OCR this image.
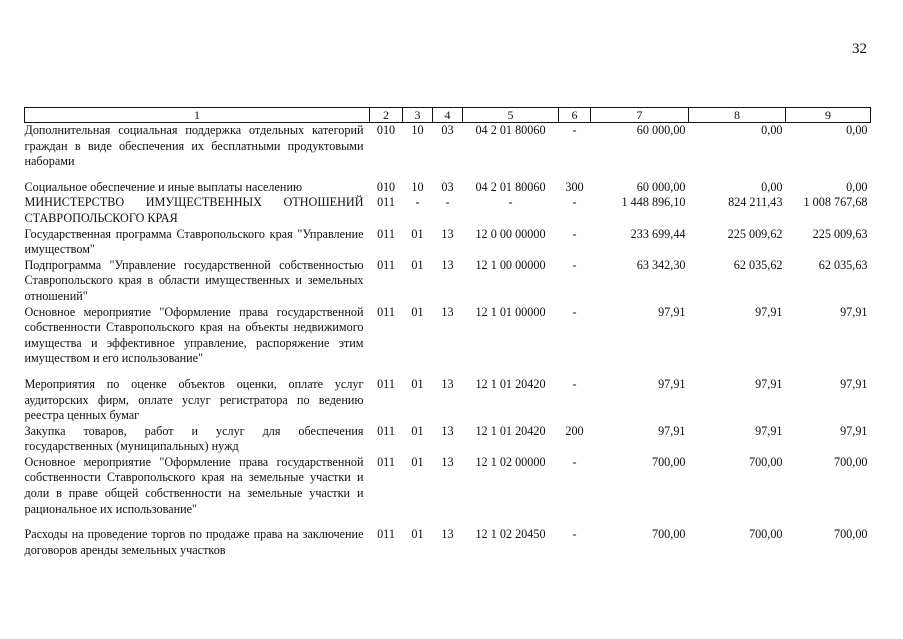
32
1	2	3	4	5	6	7	8	9
Дополнительная социальная поддержка отдельных категорий граждан в виде обеспечения их бесплатными продуктовыми наборами	010	10	03	04 2 01 80060	-	60 000,00	0,00	0,00

Социальное обеспечение и иные выплаты населению	010	10	03	04 2 01 80060	300	60 000,00	0,00	0,00
МИНИСТЕРСТВО ИМУЩЕСТВЕННЫХ ОТНОШЕНИЙ СТАВРОПОЛЬСКОГО КРАЯ	011	-	-	-	-	1 448 896,10	824 211,43	1 008 767,68
Государственная программа Ставропольского края "Управление имуществом"	011	01	13	12 0 00 00000	-	233 699,44	225 009,62	225 009,63
Подпрограмма "Управление государственной собственностью Ставропольского края в области имущественных и земельных отношений"	011	01	13	12 1 00 00000	-	63 342,30	62 035,62	62 035,63
Основное мероприятие "Оформление права государственной собственности Ставропольского края на объекты недвижимого имущества и эффективное управление, распоряжение этим имуществом и его использование"	011	01	13	12 1 01 00000	-	97,91	97,91	97,91

Мероприятия по оценке объектов оценки, оплате услуг аудиторских фирм, оплате услуг регистратора по ведению реестра ценных бумаг	011	01	13	12 1 01 20420	-	97,91	97,91	97,91
Закупка товаров, работ и услуг для обеспечения государственных (муниципальных) нужд	011	01	13	12 1 01 20420	200	97,91	97,91	97,91
Основное мероприятие "Оформление права государственной собственности Ставропольского края на земельные участки и доли в праве общей собственности на земельные участки и рациональное их использование"	011	01	13	12 1 02 00000	-	700,00	700,00	700,00

Расходы на проведение торгов по продаже права на заключение договоров аренды земельных участков	011	01	13	12 1 02 20450	-	700,00	700,00	700,00
